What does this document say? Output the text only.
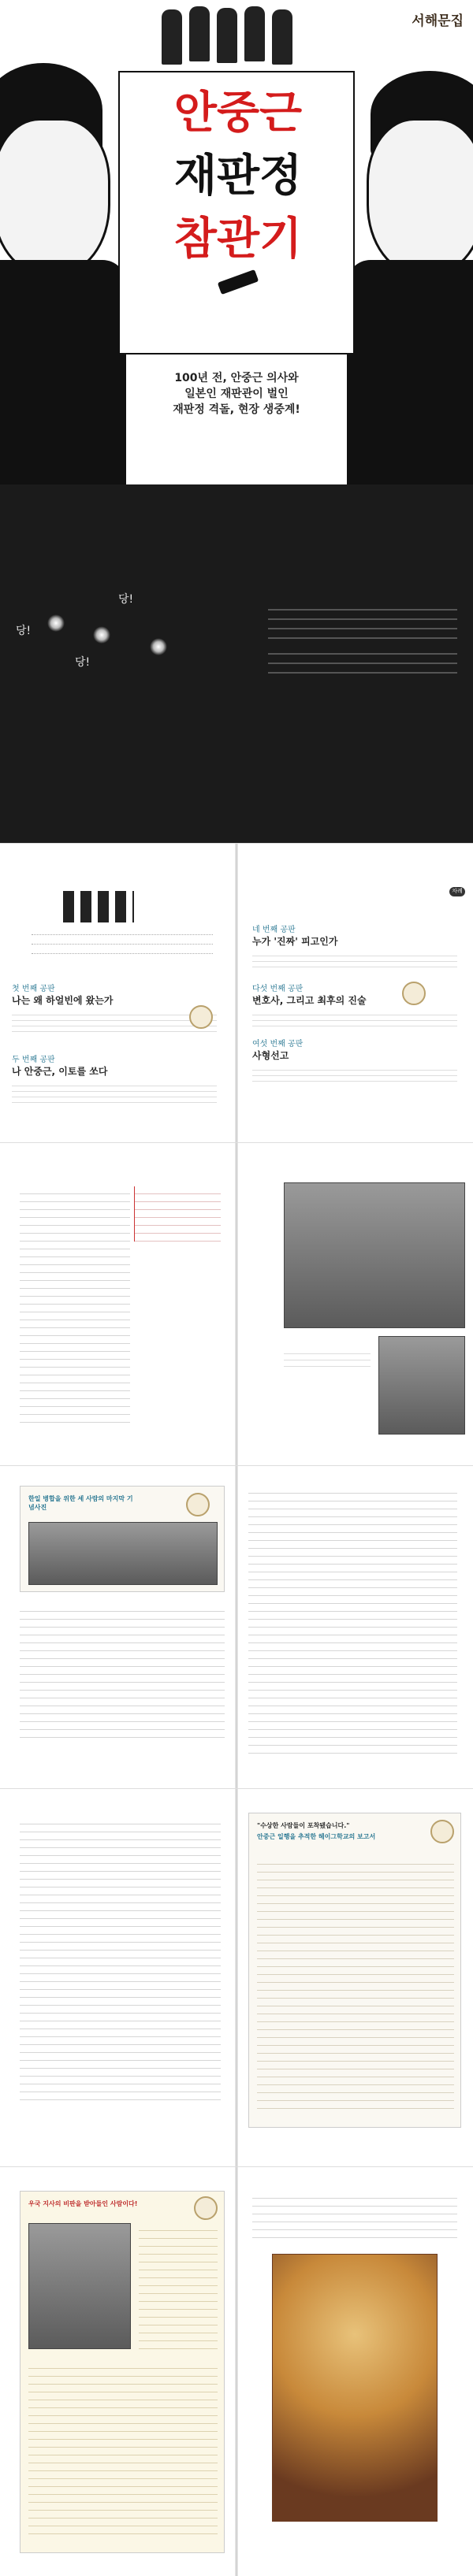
서해문집
안중근
재판정
참관기
100년 전, 안중근 의사와
일본인 재판관이 벌인
재판정 격돌, 현장 생중계!
당!
당!
당!
차례
첫 번째 공판
나는 왜 하얼빈에 왔는가
두 번째 공판
나 안중근, 이토를 쏘다
네 번째 공판
누가 '진짜' 피고인가
다섯 번째 공판
변호사, 그리고 최후의 진술
여섯 번째 공판
사형선고
한일 병합을 위한 세 사람의 마지막 기념사진
"수상한 사람들이 포착됐습니다."
안중근 일행을 추적한 헤이그학교의 보고서
우국 지사의 비판을 받아들인 사람이다!
